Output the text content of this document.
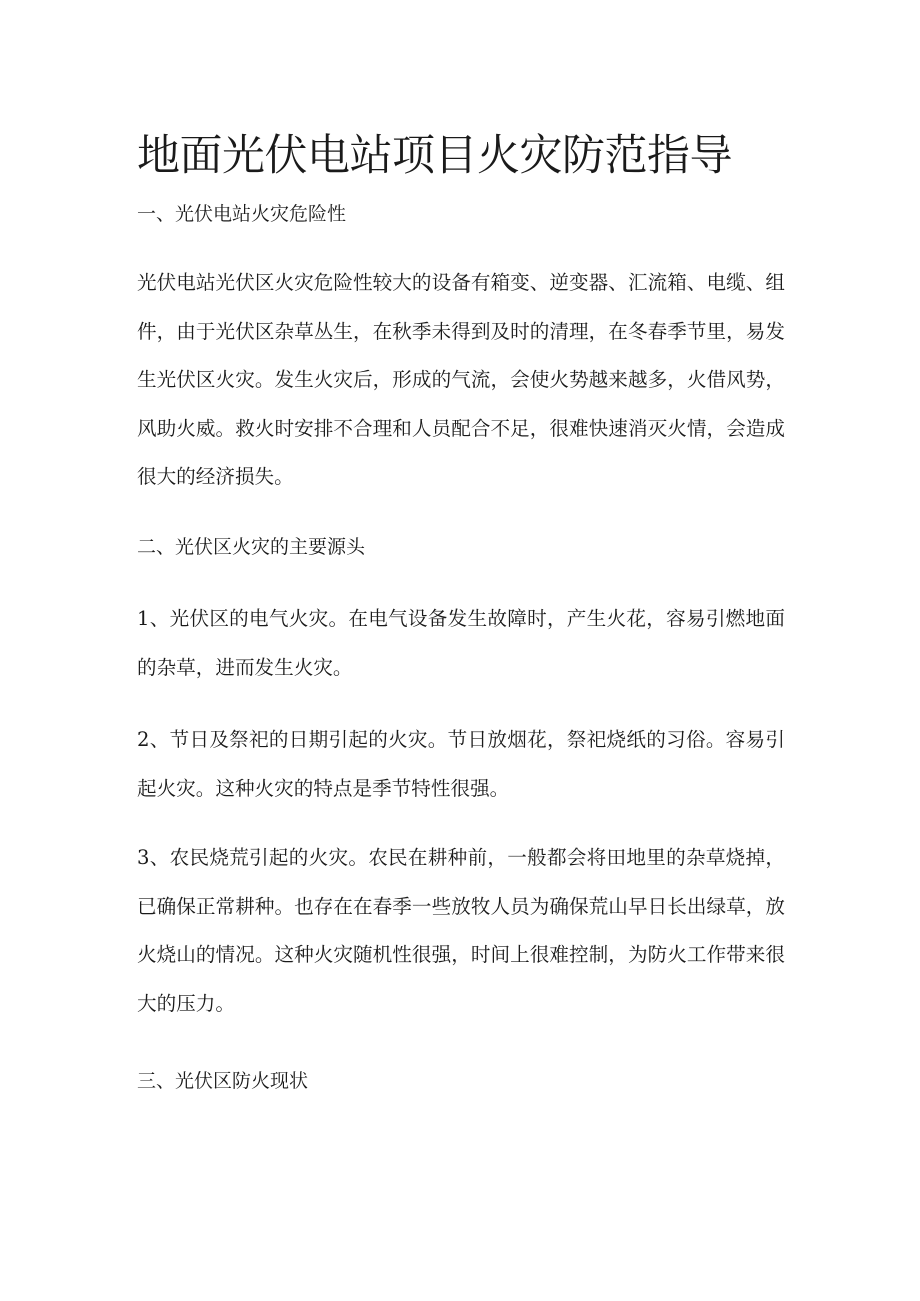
地面光伏电站项目火灾防范指导

一、光伏电站火灾危险性

光伏电站光伏区火灾危险性较大的设备有箱变、逆变器、汇流箱、电缆、组件，由于光伏区杂草丛生，在秋季未得到及时的清理，在冬春季节里，易发生光伏区火灾。发生火灾后，形成的气流，会使火势越来越多，火借风势，风助火威。救火时安排不合理和人员配合不足，很难快速消灭火情，会造成很大的经济损失。

二、光伏区火灾的主要源头

1、光伏区的电气火灾。在电气设备发生故障时，产生火花，容易引燃地面的杂草，进而发生火灾。

2、节日及祭祀的日期引起的火灾。节日放烟花，祭祀烧纸的习俗。容易引起火灾。这种火灾的特点是季节特性很强。

3、农民烧荒引起的火灾。农民在耕种前，一般都会将田地里的杂草烧掉，已确保正常耕种。也存在在春季一些放牧人员为确保荒山早日长出绿草，放火烧山的情况。这种火灾随机性很强，时间上很难控制，为防火工作带来很大的压力。

三、光伏区防火现状
